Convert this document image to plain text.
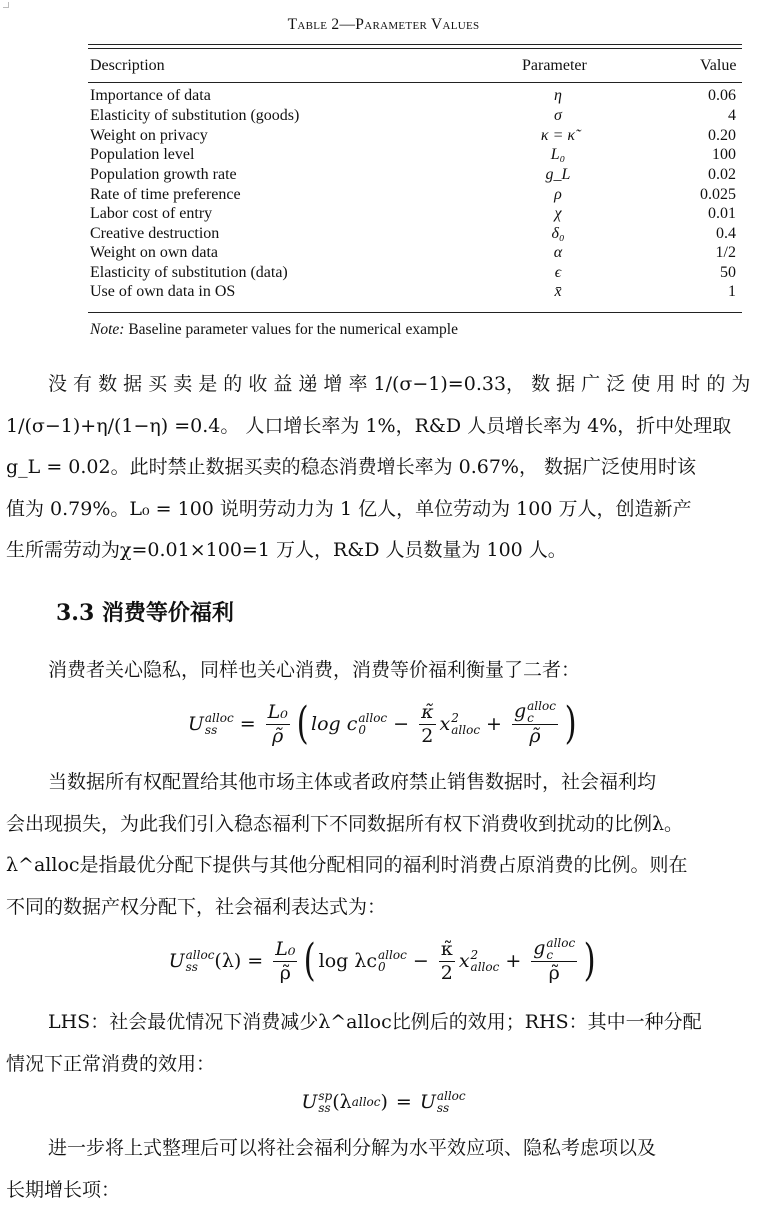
Table 2—Parameter Values
Description	Parameter	Value
Importance of data	η	0.06
Elasticity of substitution (goods)	σ	4
Weight on privacy	κ = κ̃	0.20
Population level	L₀	100
Population growth rate	g_L	0.02
Rate of time preference	ρ	0.025
Labor cost of entry	χ	0.01
Creative destruction	δ₀	0.4
Weight on own data	α	1/2
Elasticity of substitution (data)	ϵ	50
Use of own data in OS	x̄	1
Note: Baseline parameter values for the numerical example
没 有 数 据 买 卖 是 的 收 益 递 增 率 1/(σ−1)=0.33， 数 据 广 泛 使 用 时 的 为
1/(σ−1)+η/(1−η) =0.4。 人口增长率为 1%，R&D 人员增长率为 4%，折中处理取
g_L = 0.02。此时禁止数据买卖的稳态消费增长率为 0.67%， 数据广泛使用时该
值为 0.79%。L₀ = 100 说明劳动力为 1 亿人，单位劳动为 100 万人，创造新产
生所需劳动为χ=0.01×100=1 万人，R&D 人员数量为 100 人。
3.3 消费等价福利
消费者关心隐私，同样也关心消费，消费等价福利衡量了二者：
U alloc
ss	= $\frac{\text{L₀}}{\rhõ}$ ( log c alloc
0	− $\frac{\kappã}{2}$ x 2
alloc + g alloc
c
ρ̃ )
当数据所有权配置给其他市场主体或者政府禁止销售数据时，社会福利均
会出现损失，为此我们引入稳态福利下不同数据所有权下消费收到扰动的比例λ。
λ^alloc是指最优分配下提供与其他分配相同的福利时消费占原消费的比例。则在
不同的数据产权分配下，社会福利表达式为：
U alloc
ss $(\lambda) = \frac{\text{L₀}}{\rhõ}$ ( log λc alloc
0	− $\frac{\kappã}{2}$ x 2
alloc + g alloc
c
ρ̃ )
LHS：社会最优情况下消费减少λ^alloc比例后的效用；RHS：其中一种分配
情况下正常消费的效用：
U sp
ss ( λ alloc ) = U alloc
ss
进一步将上式整理后可以将社会福利分解为水平效应项、隐私考虑项以及
长期增长项：
